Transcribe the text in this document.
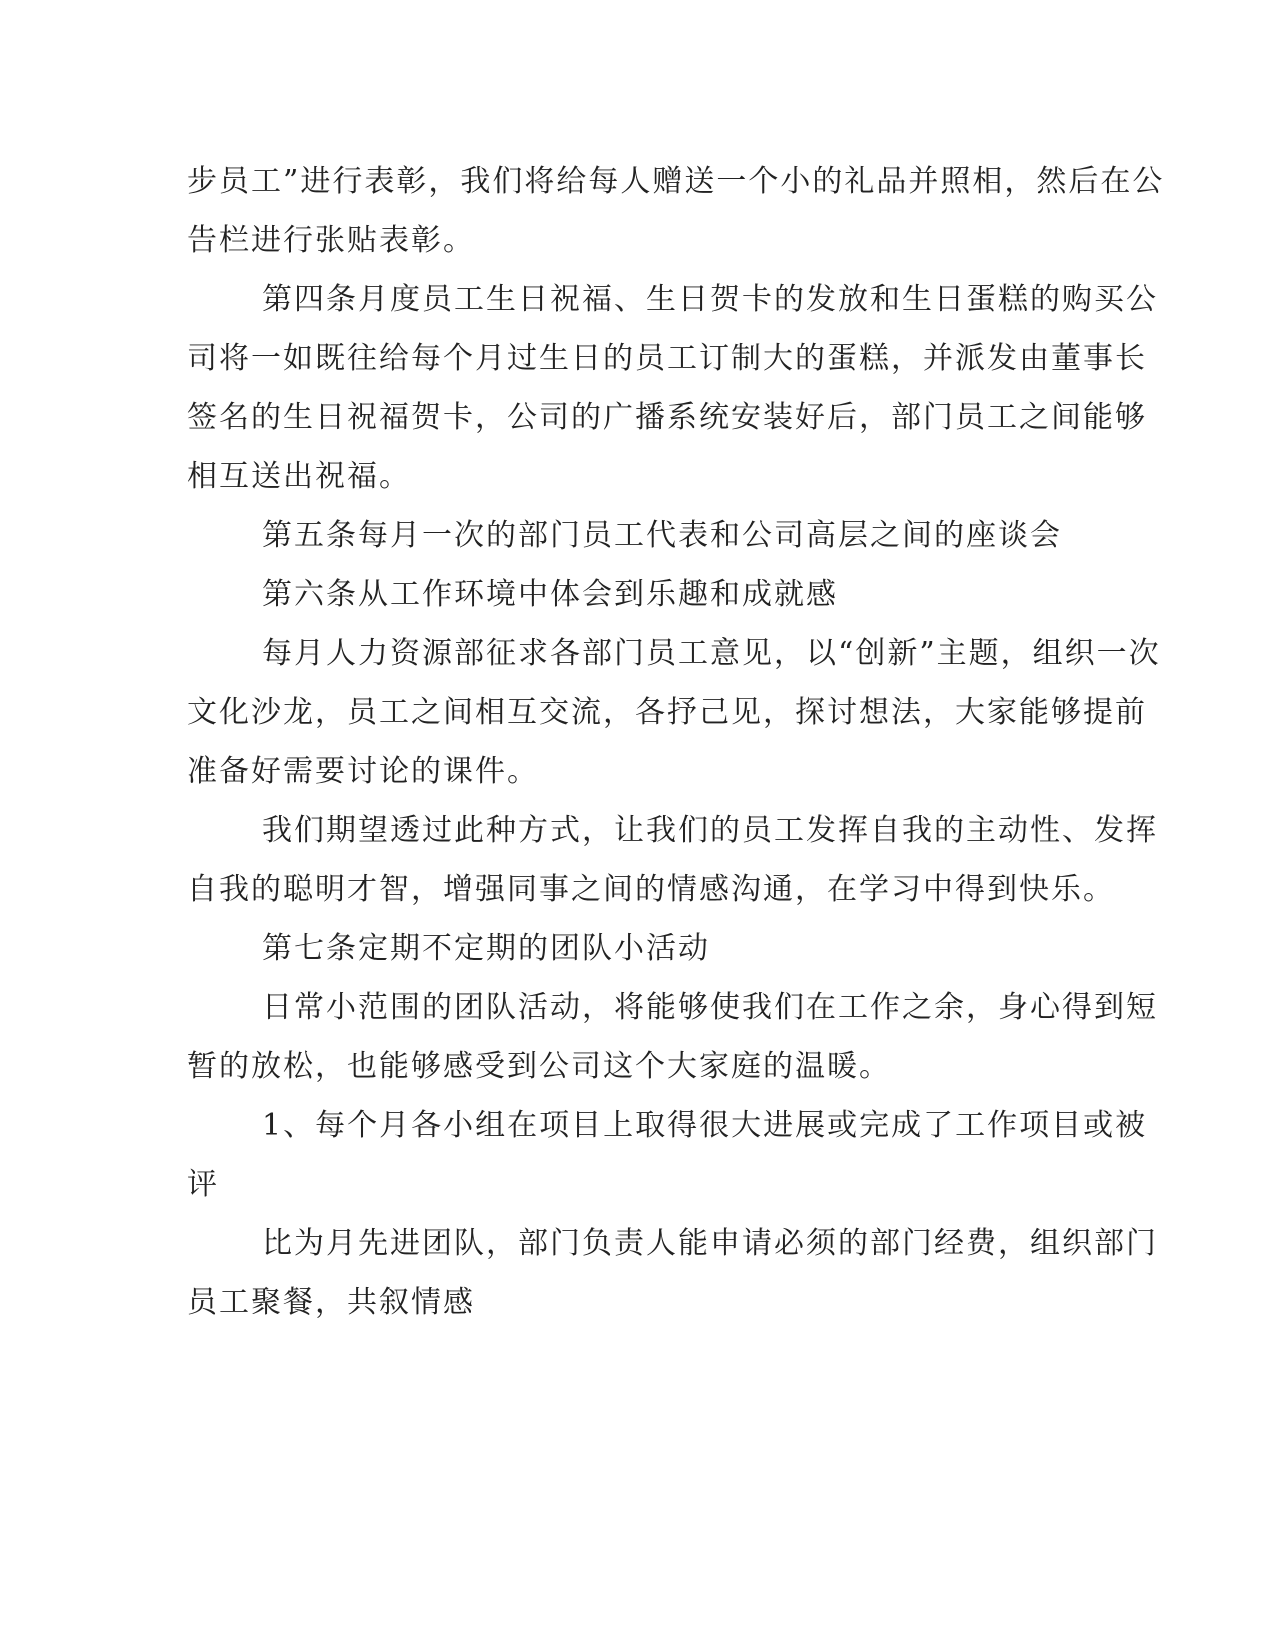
步员工”进行表彰，我们将给每人赠送一个小的礼品并照相，然后在公
告栏进行张贴表彰。
第四条月度员工生日祝福、生日贺卡的发放和生日蛋糕的购买公
司将一如既往给每个月过生日的员工订制大的蛋糕，并派发由董事长
签名的生日祝福贺卡，公司的广播系统安装好后，部门员工之间能够
相互送出祝福。
第五条每月一次的部门员工代表和公司高层之间的座谈会
第六条从工作环境中体会到乐趣和成就感
每月人力资源部征求各部门员工意见，以“创新”主题，组织一次
文化沙龙，员工之间相互交流，各抒己见，探讨想法，大家能够提前
准备好需要讨论的课件。
我们期望透过此种方式，让我们的员工发挥自我的主动性、发挥
自我的聪明才智，增强同事之间的情感沟通，在学习中得到快乐。
第七条定期不定期的团队小活动
日常小范围的团队活动，将能够使我们在工作之余，身心得到短
暂的放松，也能够感受到公司这个大家庭的温暖。
1、每个月各小组在项目上取得很大进展或完成了工作项目或被
评
比为月先进团队，部门负责人能申请必须的部门经费，组织部门
员工聚餐，共叙情感
